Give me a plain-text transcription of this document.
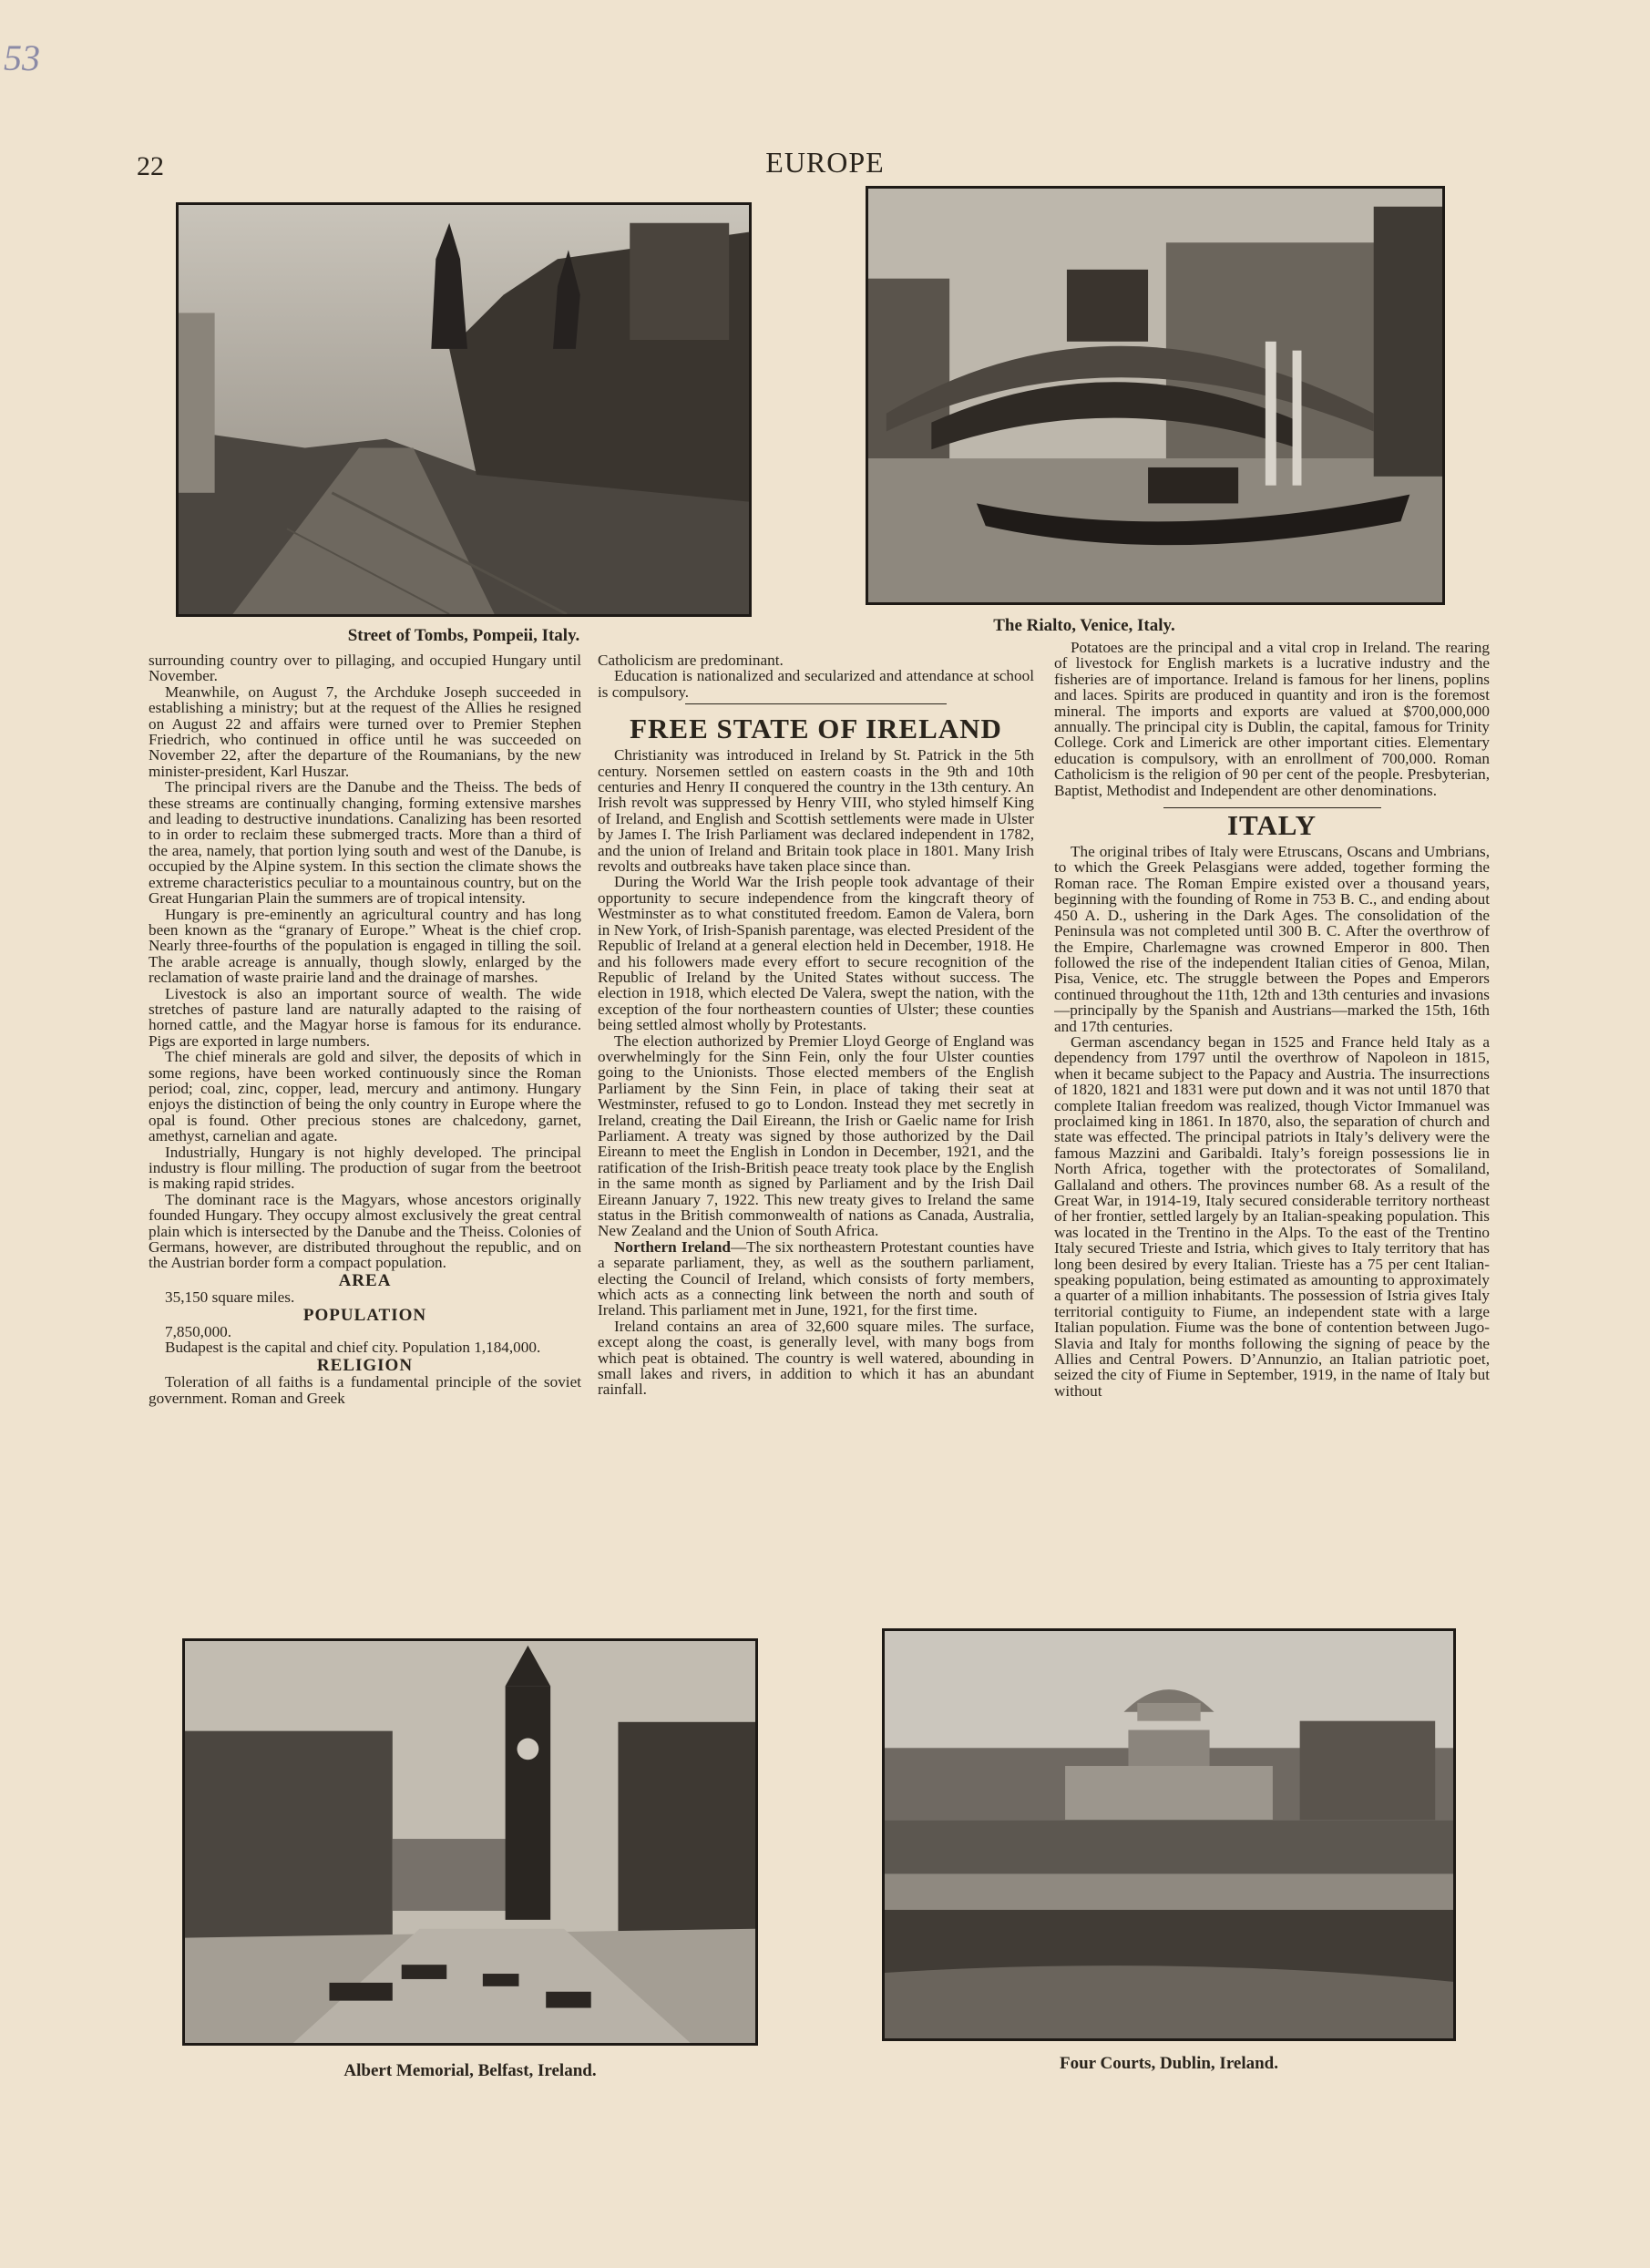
53
22	EUROPE
Street of Tombs, Pompeii, Italy.
The Rialto, Venice, Italy.

surrounding country over to pillaging, and occupied Hungary until November.

Meanwhile, on August 7, the Archduke Joseph succeeded in establishing a ministry; but at the request of the Allies he resigned on August 22 and affairs were turned over to Premier Stephen Friedrich, who continued in office until he was succeeded on November 22, after the departure of the Roumanians, by the new minister-president, Karl Huszar.

The principal rivers are the Danube and the Theiss. The beds of these streams are continually changing, forming extensive marshes and leading to destructive inundations. Canalizing has been resorted to in order to reclaim these submerged tracts. More than a third of the area, namely, that portion lying south and west of the Danube, is occupied by the Alpine system. In this section the climate shows the extreme characteristics peculiar to a mountainous country, but on the Great Hungarian Plain the summers are of tropical intensity.

Hungary is pre-eminently an agricultural country and has long been known as the “granary of Europe.” Wheat is the chief crop. Nearly three-fourths of the population is engaged in tilling the soil. The arable acreage is annually, though slowly, enlarged by the reclamation of waste prairie land and the drainage of marshes.

Livestock is also an important source of wealth. The wide stretches of pasture land are naturally adapted to the raising of horned cattle, and the Magyar horse is famous for its endurance. Pigs are exported in large numbers.

The chief minerals are gold and silver, the deposits of which in some regions, have been worked continuously since the Roman period; coal, zinc, copper, lead, mercury and antimony. Hungary enjoys the distinction of being the only country in Europe where the opal is found. Other precious stones are chalcedony, garnet, amethyst, carnelian and agate.

Industrially, Hungary is not highly developed. The principal industry is flour milling. The production of sugar from the beetroot is making rapid strides.

The dominant race is the Magyars, whose ancestors originally founded Hungary. They occupy almost exclusively the great central plain which is intersected by the Danube and the Theiss. Colonies of Germans, however, are distributed throughout the republic, and on the Austrian border form a compact population.

AREA

35,150 square miles.

POPULATION

7,850,000.

Budapest is the capital and chief city. Population 1,184,000.

RELIGION

Toleration of all faiths is a fundamental principle of the soviet government. Roman and Greek

Catholicism are predominant.

Education is nationalized and secularized and attendance at school is compulsory.

FREE STATE OF IRELAND

Christianity was introduced in Ireland by St. Patrick in the 5th century. Norsemen settled on eastern coasts in the 9th and 10th centuries and Henry II conquered the country in the 13th century. An Irish revolt was suppressed by Henry VIII, who styled himself King of Ireland, and English and Scottish settlements were made in Ulster by James I. The Irish Parliament was declared independent in 1782, and the union of Ireland and Britain took place in 1801. Many Irish revolts and outbreaks have taken place since than.

During the World War the Irish people took advantage of their opportunity to secure independence from the kingcraft theory of Westminster as to what constituted freedom. Eamon de Valera, born in New York, of Irish-Spanish parentage, was elected President of the Republic of Ireland at a general election held in December, 1918. He and his followers made every effort to secure recognition of the Republic of Ireland by the United States without success. The election in 1918, which elected De Valera, swept the nation, with the exception of the four northeastern counties of Ulster; these counties being settled almost wholly by Protestants.

The election authorized by Premier Lloyd George of England was overwhelmingly for the Sinn Fein, only the four Ulster counties going to the Unionists. Those elected members of the English Parliament by the Sinn Fein, in place of taking their seat at Westminster, refused to go to London. Instead they met secretly in Ireland, creating the Dail Eireann, the Irish or Gaelic name for Irish Parliament. A treaty was signed by those authorized by the Dail Eireann to meet the English in London in December, 1921, and the ratification of the Irish-British peace treaty took place by the English in the same month as signed by Parliament and by the Irish Dail Eireann January 7, 1922. This new treaty gives to Ireland the same status in the British commonwealth of nations as Canada, Australia, New Zealand and the Union of South Africa.

Northern Ireland—The six northeastern Protestant counties have a separate parliament, they, as well as the southern parliament, electing the Council of Ireland, which consists of forty members, which acts as a connecting link between the north and south of Ireland. This parliament met in June, 1921, for the first time.

Ireland contains an area of 32,600 square miles. The surface, except along the coast, is generally level, with many bogs from which peat is obtained. The country is well watered, abounding in small lakes and rivers, in addition to which it has an abundant rainfall.

Potatoes are the principal and a vital crop in Ireland. The rearing of livestock for English markets is a lucrative industry and the fisheries are of importance. Ireland is famous for her linens, poplins and laces. Spirits are produced in quantity and iron is the foremost mineral. The imports and exports are valued at $700,000,000 annually. The principal city is Dublin, the capital, famous for Trinity College. Cork and Limerick are other important cities. Elementary education is compulsory, with an enrollment of 700,000. Roman Catholicism is the religion of 90 per cent of the people. Presbyterian, Baptist, Methodist and Independent are other denominations.

ITALY

The original tribes of Italy were Etruscans, Oscans and Umbrians, to which the Greek Pelasgians were added, together forming the Roman race. The Roman Empire existed over a thousand years, beginning with the founding of Rome in 753 B. C., and ending about 450 A. D., ushering in the Dark Ages. The consolidation of the Peninsula was not completed until 300 B. C. After the overthrow of the Empire, Charlemagne was crowned Emperor in 800. Then followed the rise of the independent Italian cities of Genoa, Milan, Pisa, Venice, etc. The struggle between the Popes and Emperors continued throughout the 11th, 12th and 13th centuries and invasions—principally by the Spanish and Austrians—marked the 15th, 16th and 17th centuries.

German ascendancy began in 1525 and France held Italy as a dependency from 1797 until the overthrow of Napoleon in 1815, when it became subject to the Papacy and Austria. The insurrections of 1820, 1821 and 1831 were put down and it was not until 1870 that complete Italian freedom was realized, though Victor Immanuel was proclaimed king in 1861. In 1870, also, the separation of church and state was effected. The principal patriots in Italy’s delivery were the famous Mazzini and Garibaldi. Italy’s foreign possessions lie in North Africa, together with the protectorates of Somaliland, Gallaland and others. The provinces number 68. As a result of the Great War, in 1914-19, Italy secured considerable territory northeast of her frontier, settled largely by an Italian-speaking population. This was located in the Trentino in the Alps. To the east of the Trentino Italy secured Trieste and Istria, which gives to Italy territory that has long been desired by every Italian. Trieste has a 75 per cent Italian-speaking population, being estimated as amounting to approximately a quarter of a million inhabitants. The possession of Istria gives Italy territorial contiguity to Fiume, an independent state with a large Italian population. Fiume was the bone of contention between Jugo-Slavia and Italy for months following the signing of peace by the Allies and Central Powers. D’Annunzio, an Italian patriotic poet, seized the city of Fiume in September, 1919, in the name of Italy but without

Albert Memorial, Belfast, Ireland.	Four Courts, Dublin, Ireland.
